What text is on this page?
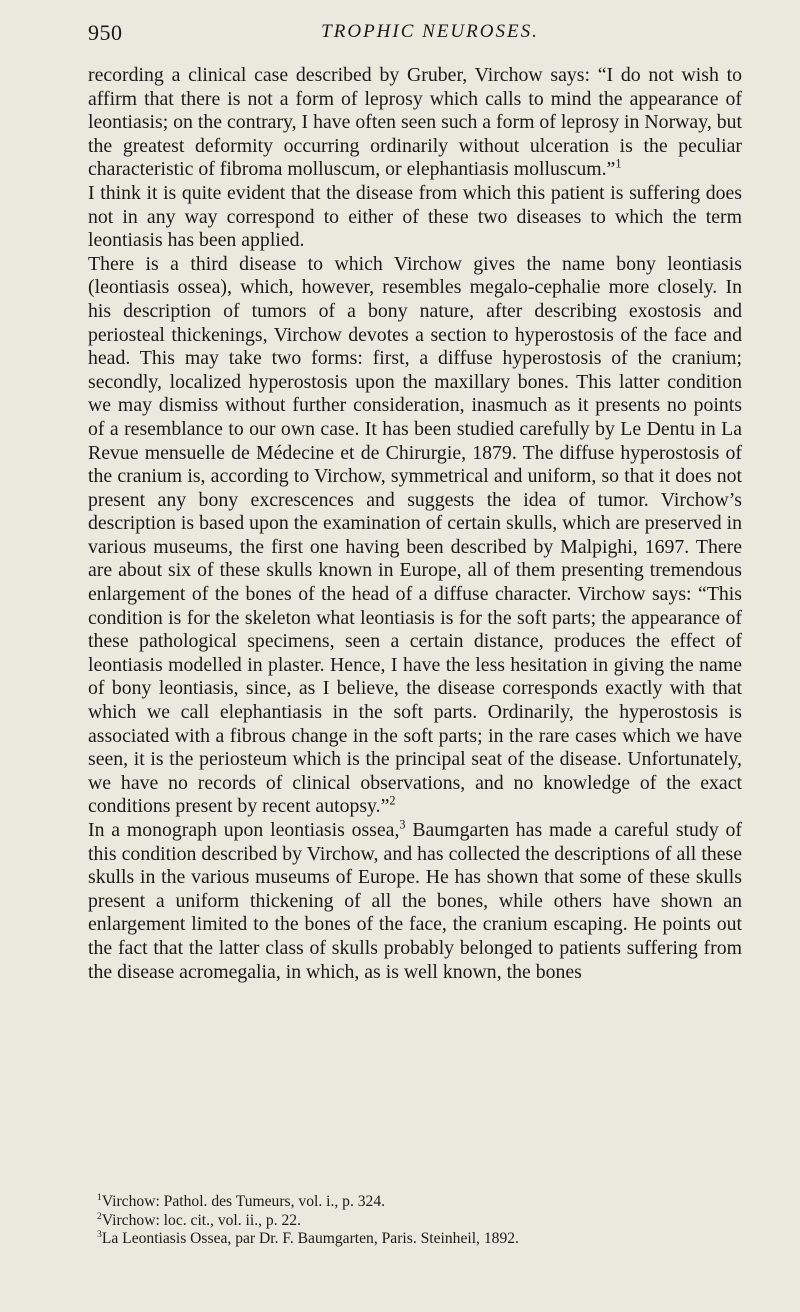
950	TROPHIC NEUROSES.

recording a clinical case described by Gruber, Virchow says: “I do not wish to affirm that there is not a form of leprosy which calls to mind the appearance of leontiasis; on the contrary, I have often seen such a form of leprosy in Norway, but the greatest deformity occurring ordinarily without ulceration is the peculiar characteristic of fibroma molluscum, or elephantiasis molluscum.”$^1$

I think it is quite evident that the disease from which this patient is suffering does not in any way correspond to either of these two diseases to which the term leontiasis has been applied.

There is a third disease to which Virchow gives the name bony leontiasis (leontiasis ossea), which, however, resembles megalo-cephalie more closely. In his description of tumors of a bony nature, after describing exostosis and periosteal thickenings, Virchow devotes a section to hyperostosis of the face and head. This may take two forms: first, a diffuse hyperostosis of the cranium; secondly, localized hyperostosis upon the maxillary bones. This latter condition we may dismiss without further consideration, inasmuch as it presents no points of a resemblance to our own case. It has been studied carefully by Le Dentu in La Revue mensuelle de Médecine et de Chirurgie, 1879. The diffuse hyperostosis of the cranium is, according to Virchow, symmetrical and uniform, so that it does not present any bony excrescences and suggests the idea of tumor. Virchow’s description is based upon the examination of certain skulls, which are preserved in various museums, the first one having been described by Malpighi, 1697. There are about six of these skulls known in Europe, all of them presenting tremendous enlargement of the bones of the head of a diffuse character. Virchow says: “This condition is for the skeleton what leontiasis is for the soft parts; the appearance of these pathological specimens, seen a certain distance, produces the effect of leontiasis modelled in plaster. Hence, I have the less hesitation in giving the name of bony leontiasis, since, as I believe, the disease corresponds exactly with that which we call elephantiasis in the soft parts. Ordinarily, the hyperostosis is associated with a fibrous change in the soft parts; in the rare cases which we have seen, it is the periosteum which is the principal seat of the disease. Unfortunately, we have no records of clinical observations, and no knowledge of the exact conditions present by recent autopsy.”$^2$

In a monograph upon leontiasis ossea,$^3$ Baumgarten has made a careful study of this condition described by Virchow, and has collected the descriptions of all these skulls in the various museums of Europe. He has shown that some of these skulls present a uniform thickening of all the bones, while others have shown an enlargement limited to the bones of the face, the cranium escaping. He points out the fact that the latter class of skulls probably belonged to patients suffering from the disease acromegalia, in which, as is well known, the bones

$^1$Virchow: Pathol. des Tumeurs, vol. i., p. 324.
$^2$Virchow: loc. cit., vol. ii., p. 22.
$^3$La Leontiasis Ossea, par Dr. F. Baumgarten, Paris. Steinheil, 1892.
